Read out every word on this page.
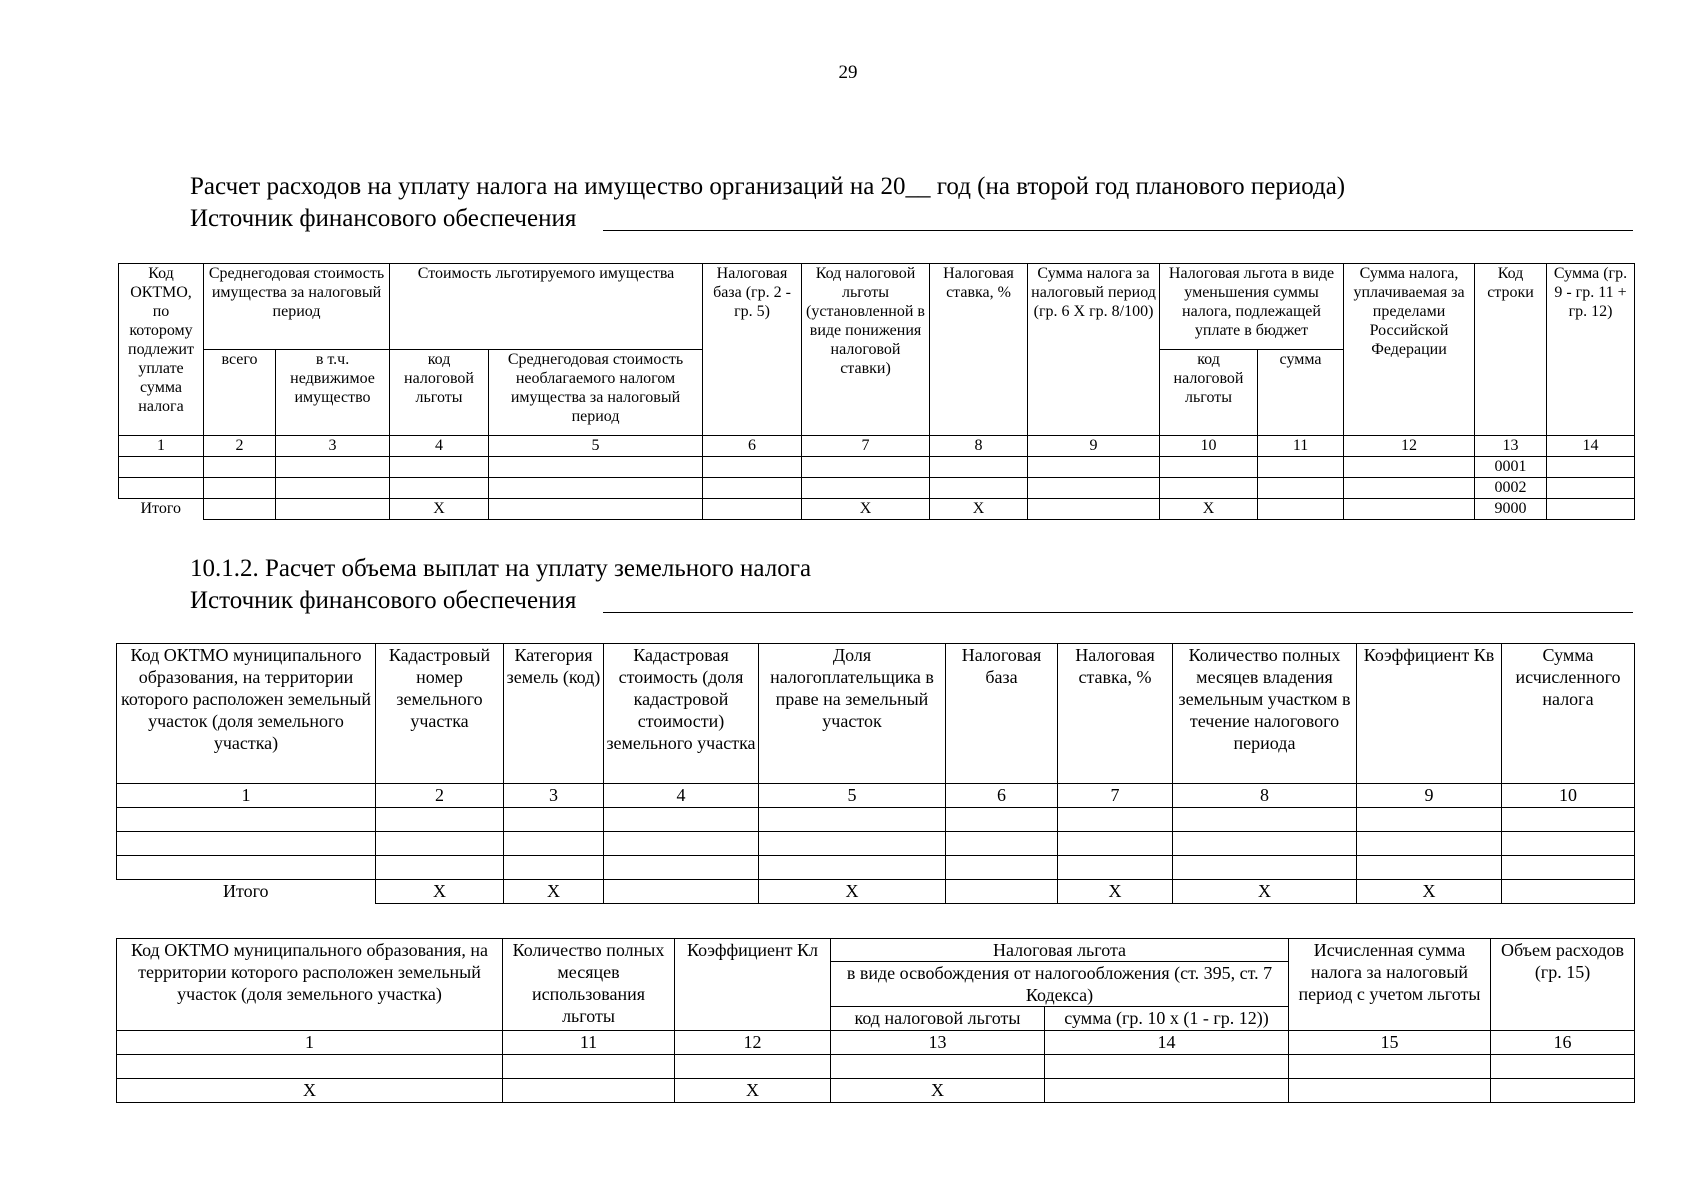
29
Расчет расходов на уплату налога на имущество организаций на 20__ год (на второй год планового периода)
Источник финансового обеспечения
Код ОКТМО, по которому подлежит уплате сумма налога	Среднегодовая стоимость имущества за налоговый период		Стоимость льготируемого имущества		Налоговая база (гр. 2 - гр. 5)	Код налоговой льготы (установленной в виде понижения налоговой ставки)	Налоговая ставка, %	Сумма налога за налоговый период (гр. 6 X гр. 8/100)	Налоговая льгота в виде уменьшения суммы налога, подлежащей уплате в бюджет		Сумма налога, уплачиваемая за пределами Российской Федерации	Код строки	Сумма (гр. 9 - гр. 11 + гр. 12)
	всего	в т.ч. недвижимое имущество	код налоговой льготы	Среднегодовая стоимость необлагаемого налогом имущества за налоговый период					код налоговой льготы	сумма			
1	2	3	4	5	6	7	8	9	10	11	12	13	14
												0001	
												0002	
Итого			X			X	X		X			9000	
10.1.2. Расчет объема выплат на уплату земельного налога
Источник финансового обеспечения
Код ОКТМО муниципального образования, на территории которого расположен земельный участок (доля земельного участка)	Кадастровый номер земельного участка	Категория земель (код)	Кадастровая стоимость (доля кадастровой стоимости) земельного участка	Доля налогоплательщика в праве на земельный участок	Налоговая база	Налоговая ставка, %	Количество полных месяцев владения земельным участком в течение налогового периода	Коэффициент Кв	Сумма исчисленного налога
1	2	3	4	5	6	7	8	9	10

Итого	X	X		X		X	X	X	
Код ОКТМО муниципального образования, на территории которого расположен земельный участок (доля земельного участка)	Количество полных месяцев использования льготы	Коэффициент Кл	Налоговая льгота		Исчисленная сумма налога за налоговый период с учетом льготы	Объем расходов (гр. 15)
			в виде освобождения от налогообложения (ст. 395, ст. 7 Кодекса)			
			код налоговой льготы	сумма (гр. 10 х (1 - гр. 12))		
1	11	12	13	14	15	16

X		X	X			
